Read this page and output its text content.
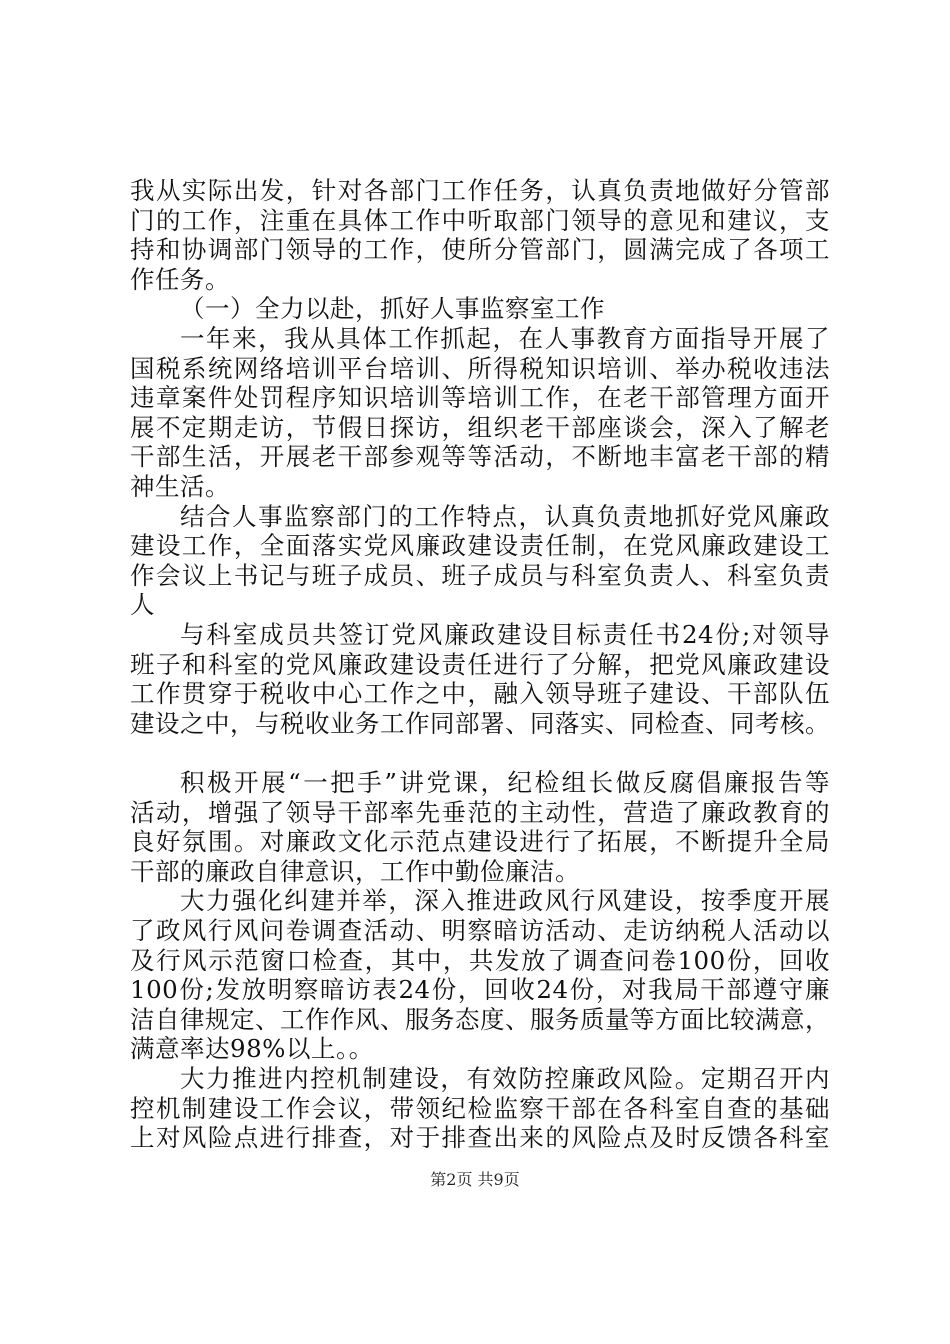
我从实际出发，针对各部门工作任务，认真负责地做好分管部
门的工作，注重在具体工作中听取部门领导的意见和建议，支
持和协调部门领导的工作，使所分管部门，圆满完成了各项工
作任务。
（一）全力以赴，抓好人事监察室工作
一年来，我从具体工作抓起，在人事教育方面指导开展了
国税系统网络培训平台培训、所得税知识培训、举办税收违法
违章案件处罚程序知识培训等培训工作，在老干部管理方面开
展不定期走访，节假日探访，组织老干部座谈会，深入了解老
干部生活，开展老干部参观等等活动，不断地丰富老干部的精
神生活。
结合人事监察部门的工作特点，认真负责地抓好党风廉政
建设工作，全面落实党风廉政建设责任制，在党风廉政建设工
作会议上书记与班子成员、班子成员与科室负责人、科室负责
人
与科室成员共签订党风廉政建设目标责任书24份;对领导
班子和科室的党风廉政建设责任进行了分解，把党风廉政建设
工作贯穿于税收中心工作之中，融入领导班子建设、干部队伍
建设之中，与税收业务工作同部署、同落实、同检查、同考核。
积极开展“一把手”讲党课，纪检组长做反腐倡廉报告等
活动，增强了领导干部率先垂范的主动性，营造了廉政教育的
良好氛围。对廉政文化示范点建设进行了拓展，不断提升全局
干部的廉政自律意识，工作中勤俭廉洁。
大力强化纠建并举，深入推进政风行风建设，按季度开展
了政风行风问卷调查活动、明察暗访活动、走访纳税人活动以
及行风示范窗口检查，其中，共发放了调查问卷100份，回收
100份;发放明察暗访表24份，回收24份，对我局干部遵守廉
洁自律规定、工作作风、服务态度、服务质量等方面比较满意，
满意率达98%以上。。
大力推进内控机制建设，有效防控廉政风险。定期召开内
控机制建设工作会议，带领纪检监察干部在各科室自查的基础
上对风险点进行排查，对于排查出来的风险点及时反馈各科室
第2页 共9页
